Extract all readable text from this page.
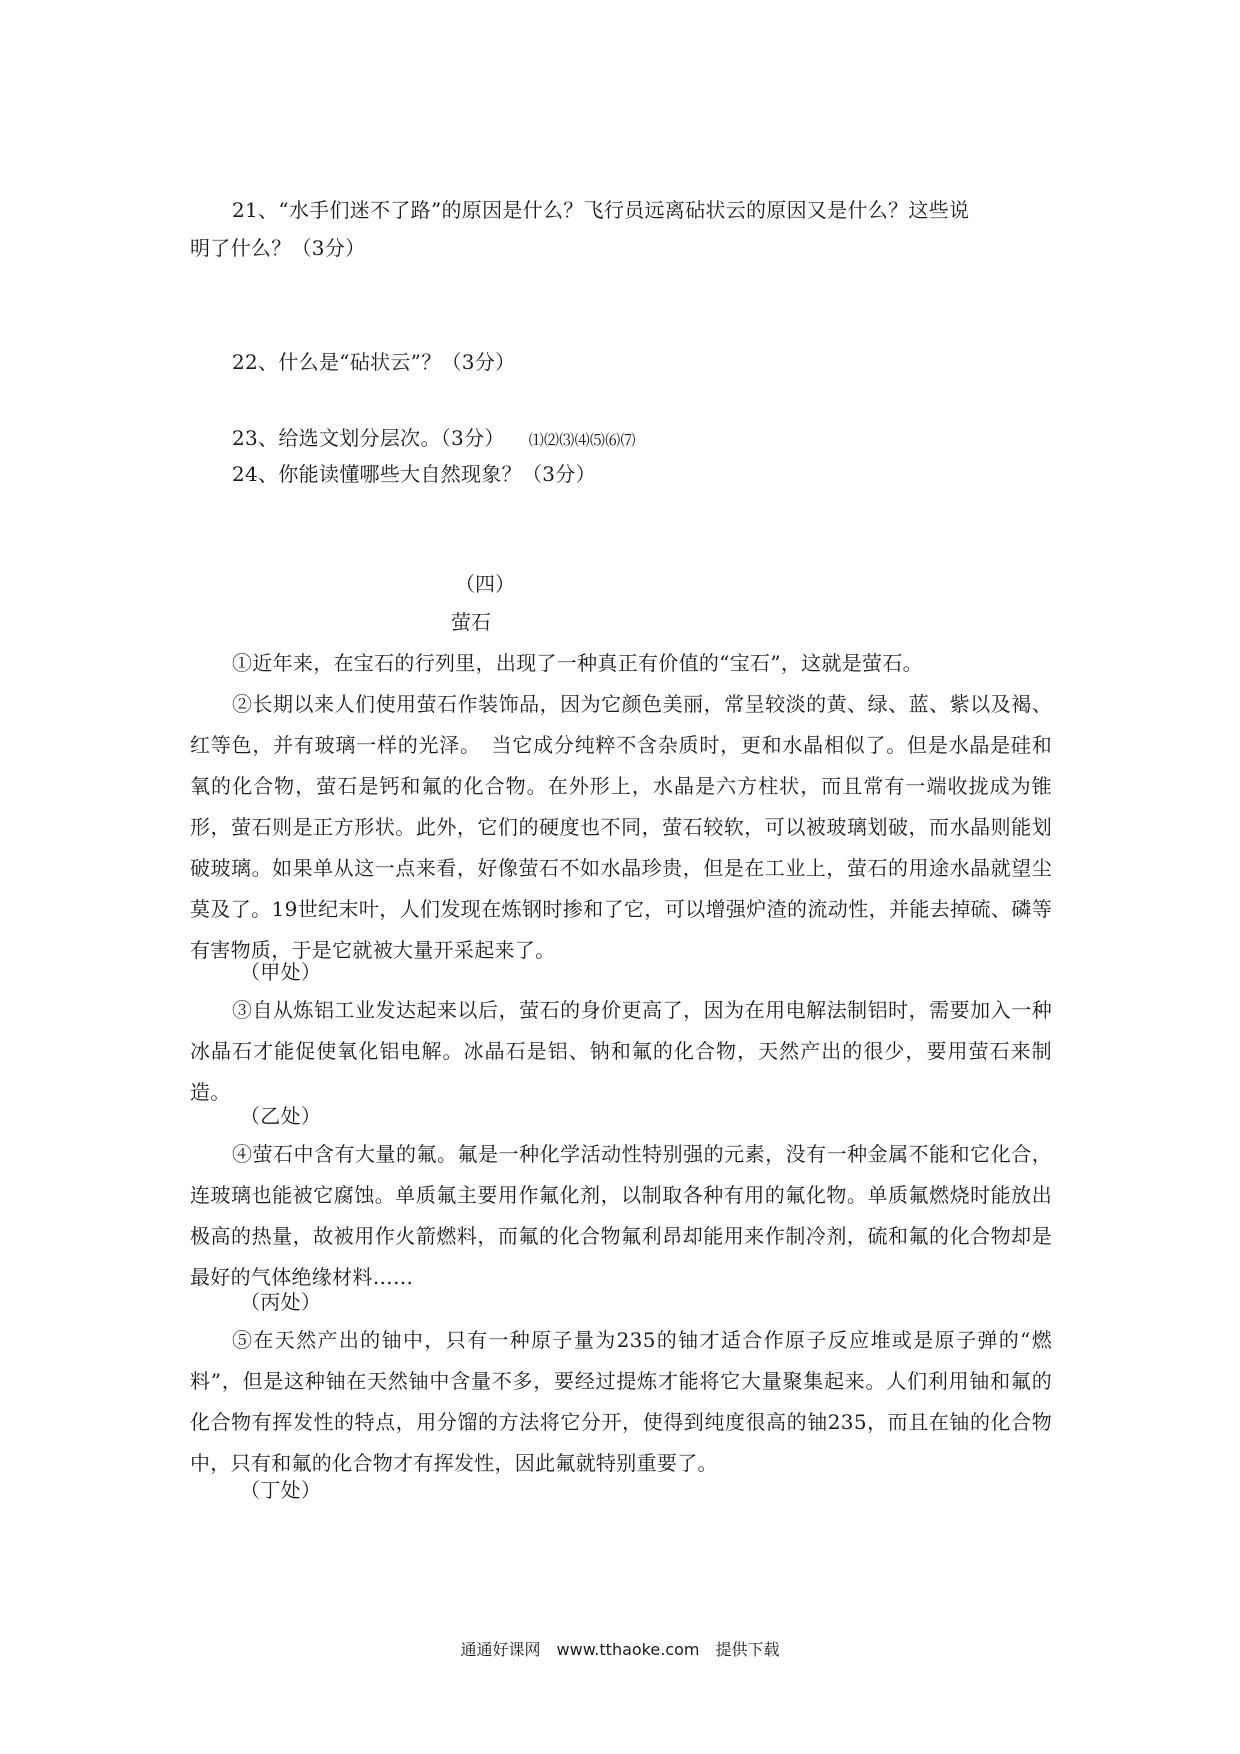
21、“水手们迷不了路”的原因是什么？飞行员远离砧状云的原因又是什么？这些说

明了什么？（3分）

22、什么是“砧状云”？（3分）

23、给选文划分层次。（3分） ⑴⑵⑶⑷⑸⑹⑺

24、你能读懂哪些大自然现象？（3分）

（四）

萤石

①近年来，在宝石的行列里，出现了一种真正有价值的“宝石”，这就是萤石。

②长期以来人们使用萤石作装饰品，因为它颜色美丽，常呈较淡的黄、绿、蓝、紫以及褐、红等色，并有玻璃一样的光泽。　当它成分纯粹不含杂质时，更和水晶相似了。但是水晶是硅和氧的化合物，萤石是钙和氟的化合物。在外形上，水晶是六方柱状，而且常有一端收拢成为锥形，萤石则是正方形状。此外，它们的硬度也不同，萤石较软，可以被玻璃划破，而水晶则能划破玻璃。如果单从这一点来看，好像萤石不如水晶珍贵，但是在工业上，萤石的用途水晶就望尘莫及了。19世纪末叶，人们发现在炼钢时掺和了它，可以增强炉渣的流动性，并能去掉硫、磷等有害物质，于是它就被大量开采起来了。

（甲处）

③自从炼铝工业发达起来以后，萤石的身价更高了，因为在用电解法制铝时，需要加入一种冰晶石才能促使氧化铝电解。冰晶石是铝、钠和氟的化合物，天然产出的很少，要用萤石来制造。

（乙处）

④萤石中含有大量的氟。氟是一种化学活动性特别强的元素，没有一种金属不能和它化合，连玻璃也能被它腐蚀。单质氟主要用作氟化剂，以制取各种有用的氟化物。单质氟燃烧时能放出极高的热量，故被用作火箭燃料，而氟的化合物氟利昂却能用来作制冷剂，硫和氟的化合物却是最好的气体绝缘材料……

（丙处）

⑤在天然产出的铀中，只有一种原子量为235的铀才适合作原子反应堆或是原子弹的“燃料”，但是这种铀在天然铀中含量不多，要经过提炼才能将它大量聚集起来。人们利用铀和氟的化合物有挥发性的特点，用分馏的方法将它分开，使得到纯度很高的铀235，而且在铀的化合物中，只有和氟的化合物才有挥发性，因此氟就特别重要了。

（丁处）

通通好课网　www.tthaoke.com　提供下载
